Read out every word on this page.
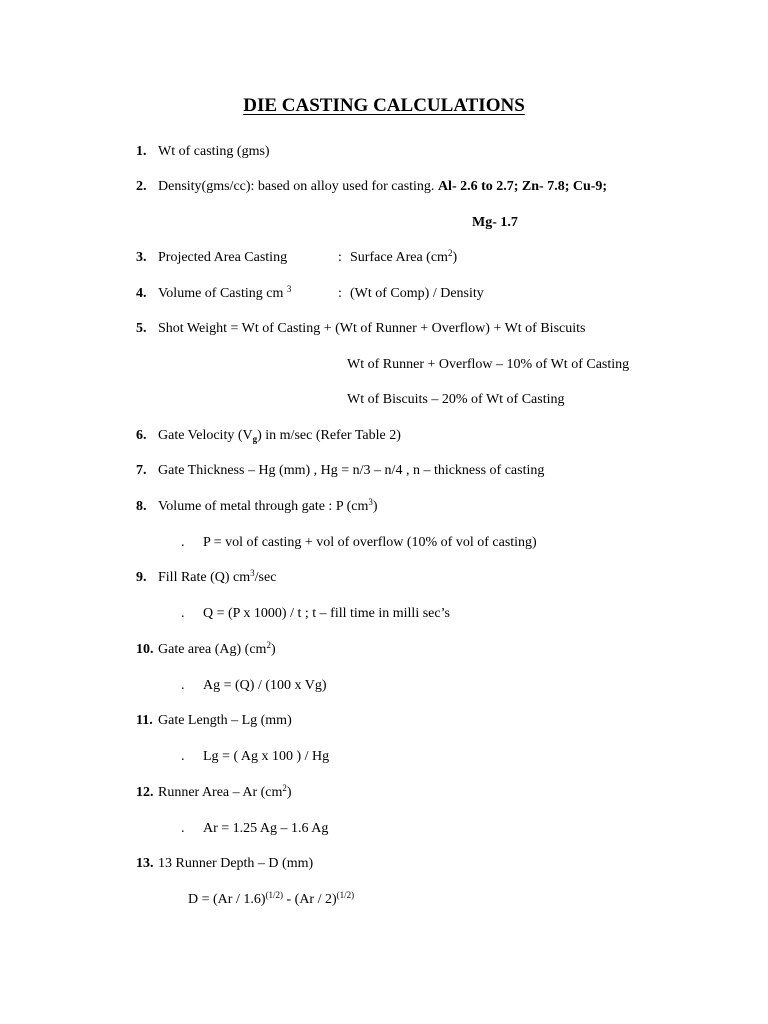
DIE CASTING CALCULATIONS
1. Wt of casting (gms)
2. Density(gms/cc): based on alloy used for casting. Al- 2.6 to 2.7; Zn- 7.8; Cu-9;
Mg- 1.7
3. Projected Area Casting	: Surface Area $(cm^2)$
4. Volume of Casting cm $^3$	: (Wt of Comp) / Density
5. Shot Weight = Wt of Casting + (Wt of Runner + Overflow) + Wt of Biscuits
Wt of Runner + Overflow – 10% of Wt of Casting
Wt of Biscuits – 20% of Wt of Casting
6. Gate Velocity $(V_g)$ in m/sec (Refer Table 2)
7. Gate Thickness – Hg (mm) , Hg = n/3 – n/4 , n – thickness of casting
8. Volume of metal through gate : P $(cm^3)$
. P = vol of casting + vol of overflow (10% of vol of casting)
9. Fill Rate (Q) $cm^3/\sec$
. Q = (P x 1000) / t ; t – fill time in milli sec’s
10. Gate area (Ag) $(cm^2)$
. Ag = (Q) / (100 x Vg)
11. Gate Length – Lg (mm)
. Lg = ( Ag x 100 ) / Hg
12. Runner Area – Ar $(cm^2)$
. Ar = 1.25 Ag – 1.6 Ag
13. 13 Runner Depth – D (mm)
D = (Ar / 1.6)$^{(1/2)}$ - (Ar / 2)$^{(1/2)}$
